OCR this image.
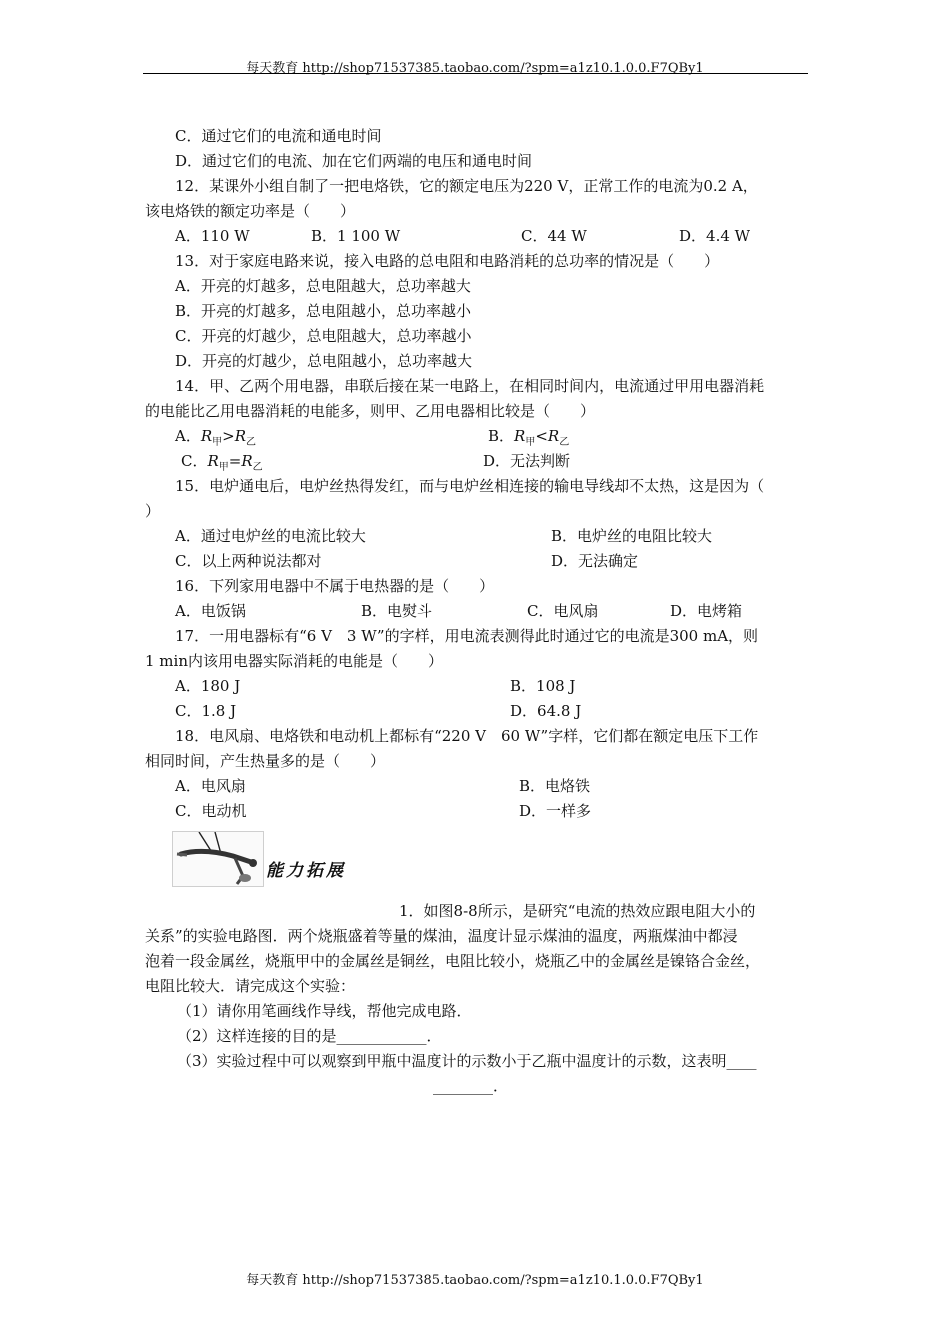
每天教育 http://shop71537385.taobao.com/?spm=a1z10.1.0.0.F7QBy1
C．通过它们的电流和通电时间
D．通过它们的电流、加在它们两端的电压和通电时间
12．某课外小组自制了一把电烙铁，它的额定电压为220 V，正常工作的电流为0.2 A，
该电烙铁的额定功率是（　　）
A．110 W	B．1 100 W	C．44 W	D．4.4 W
13．对于家庭电路来说，接入电路的总电阻和电路消耗的总功率的情况是（　　）
A．开亮的灯越多，总电阻越大，总功率越大
B．开亮的灯越多，总电阻越小，总功率越小
C．开亮的灯越少，总电阻越大，总功率越小
D．开亮的灯越少，总电阻越小，总功率越大
14．甲、乙两个用电器，串联后接在某一电路上，在相同时间内，电流通过甲用电器消耗
的电能比乙用电器消耗的电能多，则甲、乙用电器相比较是（　　）
A．$R_甲>R_乙$	B．$R_甲<R_乙$
C．$R_甲=R_乙$	D．无法判断
15．电炉通电后，电炉丝热得发红，而与电炉丝相连接的输电导线却不太热，这是因为（
）
A．通过电炉丝的电流比较大	B．电炉丝的电阻比较大
C．以上两种说法都对	D．无法确定
16．下列家用电器中不属于电热器的是（　　）
A．电饭锅	B．电熨斗	C．电风扇	D．电烤箱
17．一用电器标有“6 V　3 W”的字样，用电流表测得此时通过它的电流是300 mA，则
1 min内该用电器实际消耗的电能是（　　）
A．180 J	B．108 J
C．1.8 J	D．64.8 J
18．电风扇、电烙铁和电动机上都标有“220 V　60 W”字样，它们都在额定电压下工作
相同时间，产生热量多的是（　　）
A．电风扇	B．电烙铁
C．电动机	D．一样多
能力拓展
1．如图8-8所示，是研究“电流的热效应跟电阻大小的
关系”的实验电路图．两个烧瓶盛着等量的煤油，温度计显示煤油的温度，两瓶煤油中都浸
泡着一段金属丝，烧瓶甲中的金属丝是铜丝，电阻比较小，烧瓶乙中的金属丝是镍铬合金丝，
电阻比较大．请完成这个实验：
（1）请你用笔画线作导线，帮他完成电路．
（2）这样连接的目的是____________．
（3）实验过程中可以观察到甲瓶中温度计的示数小于乙瓶中温度计的示数，这表明____
________．
每天教育 http://shop71537385.taobao.com/?spm=a1z10.1.0.0.F7QBy1
